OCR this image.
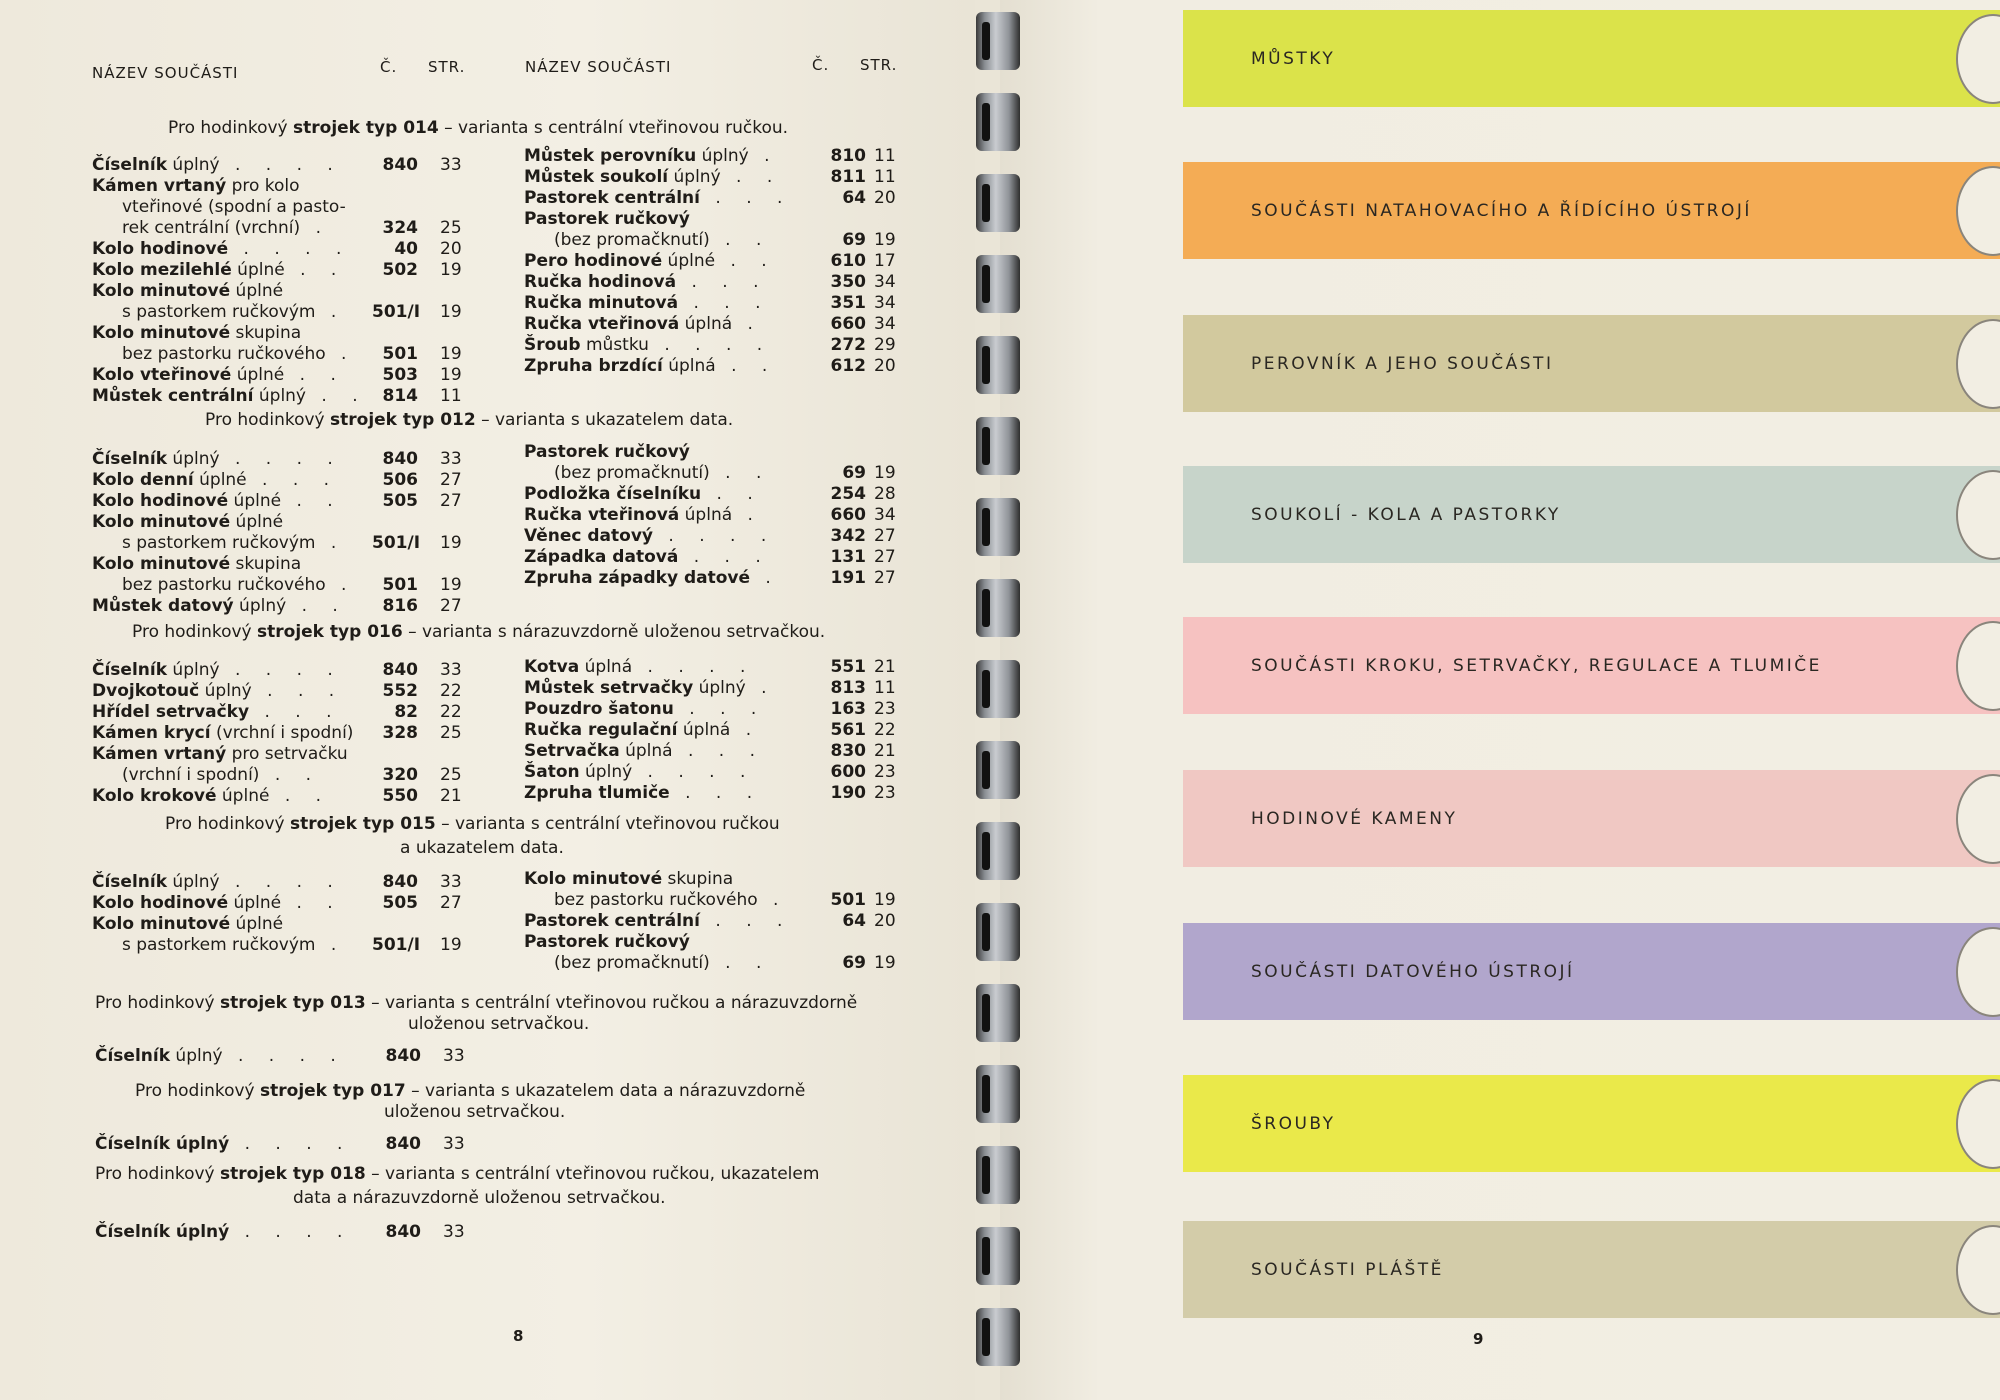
NÁZEV SOUČÁSTI	Č. STR.	NÁZEV SOUČÁSTI	Č. STR.
Pro hodinkový strojek typ 014 – varianta s centrální vteřinovou ručkou.
Číselník úplný . . . .	840 33
Kámen vrtaný pro kolo
vteřinové (spodní a pasto-
rek centrální (vrchní) .	324 25
Kolo hodinové . . . .	40 20
Kolo mezilehlé úplné . .	502 19
Kolo minutové úplné
s pastorkem ručkovým . 501/I 19
Kolo minutové skupina
bez pastorku ručkového .	501 19
Kolo vteřinové úplné . .	503 19
Můstek centrální úplný . . 814 11
Můstek perovníku úplný .	810 11
Můstek soukolí úplný . .	811 11
Pastorek centrální . . .	64 20
Pastorek ručkový
(bez promačknutí) . .	69 19
Pero hodinové úplné . .	610 17
Ručka hodinová . . .	350 34
Ručka minutová . . .	351 34
Ručka vteřinová úplná .	660 34
Šroub můstku . . . .	272 29
Zpruha brzdící úplná . .	612 20
Pro hodinkový strojek typ 012 – varianta s ukazatelem data.
Číselník úplný . . . .	840 33
Kolo denní úplné . . .	506 27
Kolo hodinové úplné . .	505 27
Kolo minutové úplné
s pastorkem ručkovým . 501/I 19
Kolo minutové skupina
bez pastorku ručkového .	501 19
Můstek datový úplný . .	816 27
Pastorek ručkový
(bez promačknutí) . .	69 19
Podložka číselníku . .	254 28
Ručka vteřinová úplná .	660 34
Věnec datový . . . .	342 27
Západka datová . . .	131 27
Zpruha západky datové .	191 27
Pro hodinkový strojek typ 016 – varianta s nárazuvzdorně uloženou setrvačkou.
Číselník úplný . . . .	840 33
Dvojkotouč úplný . . .	552 22
Hřídel setrvačky . . .	82 22
Kámen krycí (vrchní i spodní)	328 25
Kámen vrtaný pro setrvačku
(vrchní i spodní) . .	320 25
Kolo krokové úplné . .	550 21
Kotva úplná . . . .	551 21
Můstek setrvačky úplný .	813 11
Pouzdro šatonu . . .	163 23
Ručka regulační úplná .	561 22
Setrvačka úplná . . .	830 21
Šaton úplný . . . .	600 23
Zpruha tlumiče . . .	190 23
Pro hodinkový strojek typ 015 – varianta s centrální vteřinovou ručkou
a ukazatelem data.
Číselník úplný . . . .	840 33
Kolo hodinové úplné . .	505 27
Kolo minutové úplné
s pastorkem ručkovým . 501/I 19
Kolo minutové skupina
bez pastorku ručkového .	501 19
Pastorek centrální . . .	64 20
Pastorek ručkový
(bez promačknutí) . .	69 19
Pro hodinkový strojek typ 013 – varianta s centrální vteřinovou ručkou a nárazuvzdorně
uloženou setrvačkou.
Číselník úplný . . . .	840 33
Pro hodinkový strojek typ 017 – varianta s ukazatelem data a nárazuvzdorně
uloženou setrvačkou.
Číselník úplný . . . .	840 33
Pro hodinkový strojek typ 018 – varianta s centrální vteřinovou ručkou, ukazatelem
data a nárazuvzdorně uloženou setrvačkou.
Číselník úplný . . . .	840 33
8	9
MŮSTKY
SOUČÁSTI NATAHOVACÍHO A ŘÍDÍCÍHO ÚSTROJÍ
PEROVNÍK A JEHO SOUČÁSTI
SOUKOLÍ - KOLA A PASTORKY
SOUČÁSTI KROKU, SETRVAČKY, REGULACE A TLUMIČE
HODINOVÉ KAMENY
SOUČÁSTI DATOVÉHO ÚSTROJÍ
ŠROUBY
SOUČÁSTI PLÁŠTĚ
